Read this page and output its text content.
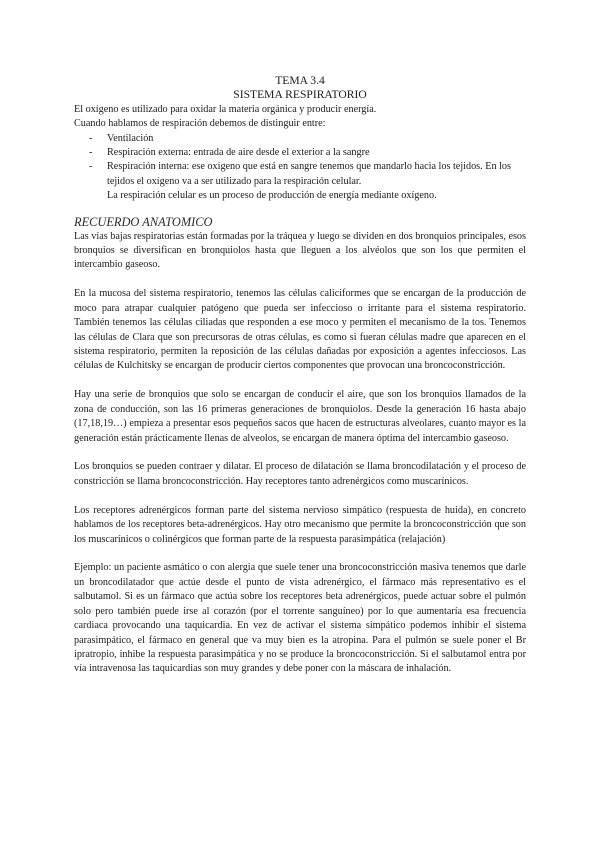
TEMA 3.4
SISTEMA RESPIRATORIO

El oxígeno es utilizado para oxidar la materia orgánica y producir energía.

Cuando hablamos de respiración debemos de distinguir entre:

- Ventilación
- Respiración externa: entrada de aire desde el exterior a la sangre
- Respiración interna: ese oxígeno que está en sangre tenemos que mandarlo hacia los tejidos. En los tejidos el oxígeno va a ser utilizado para la respiración celular.

La respiración celular es un proceso de producción de energía mediante oxígeno.

RECUERDO ANATOMICO

Las vías bajas respiratorias están formadas por la tráquea y luego se dividen en dos bronquios principales, esos bronquios se diversifican en bronquiolos hasta que lleguen a los alvéolos que son los que permiten el intercambio gaseoso.

En la mucosa del sistema respiratorio, tenemos las células caliciformes que se encargan de la producción de moco para atrapar cualquier patógeno que pueda ser infeccioso o irritante para el sistema respiratorio. También tenemos las células ciliadas que responden a ese moco y permiten el mecanismo de la tos. Tenemos las células de Clara que son precursoras de otras células, es como si fueran células madre que aparecen en el sistema respiratorio, permiten la reposición de las células dañadas por exposición a agentes infecciosos. Las células de Kulchitsky se encargan de producir ciertos componentes que provocan una broncoconstricción.

Hay una serie de bronquios que solo se encargan de conducir el aire, que son los bronquios llamados de la zona de conducción, son las 16 primeras generaciones de bronquiolos. Desde la generación 16 hasta abajo (17,18,19…) empieza a presentar esos pequeños sacos que hacen de estructuras alveolares, cuanto mayor es la generación están prácticamente llenas de alveolos, se encargan de manera óptima del intercambio gaseoso.

Los bronquios se pueden contraer y dilatar. El proceso de dilatación se llama broncodilatación y el proceso de constricción se llama broncoconstricción. Hay receptores tanto adrenérgicos como muscarínicos.

Los receptores adrenérgicos forman parte del sistema nervioso simpático (respuesta de huida), en concreto hablamos de los receptores beta-adrenérgicos. Hay otro mecanismo que permite la broncoconstricción que son los muscarínicos o colinérgicos que forman parte de la respuesta parasimpática (relajación)

Ejemplo: un paciente asmático o con alergia que suele tener una broncoconstricción masiva tenemos que darle un broncodilatador que actúe desde el punto de vista adrenérgico, el fármaco más representativo es el salbutamol. Si es un fármaco que actúa sobre los receptores beta adrenérgicos, puede actuar sobre el pulmón solo pero también puede irse al corazón (por el torrente sanguíneo) por lo que aumentaría esa frecuencia cardiaca provocando una taquicardia. En vez de activar el sistema simpático podemos inhibir el sistema parasimpático, el fármaco en general que va muy bien es la atropina. Para el pulmón se suele poner el Br ipratropio, inhibe la respuesta parasimpática y no se produce la broncoconstricción. Si el salbutamol entra por vía intravenosa las taquicardias son muy grandes y debe poner con la máscara de inhalación.
